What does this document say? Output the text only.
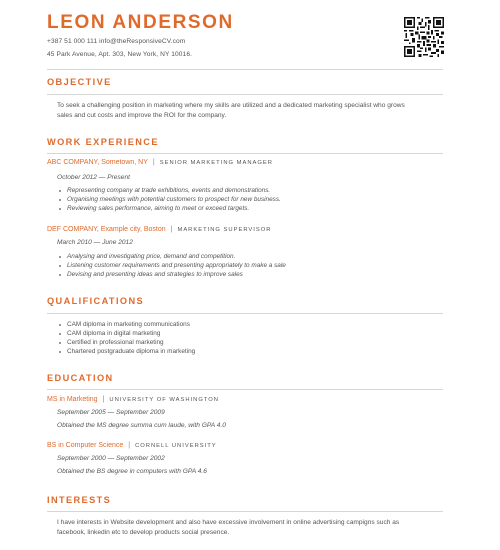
LEON ANDERSON
+387 51 000 111 info@theResponsiveCV.com
45 Park Avenue, Apt. 303, New York, NY 10016.
OBJECTIVE
To seek a challenging position in marketing where my skills are utilized and a dedicated marketing specialist who grows
sales and cut costs and improve the ROI for the company.
WORK EXPERIENCE
ABC COMPANY, Sometown, NY | SENIOR MARKETING MANAGER
October 2012 — Present
Representing company at trade exhibitions, events and demonstrations.
Organising meetings with potential customers to prospect for new business.
Reviewing sales performance, aiming to meet or exceed targets.
DEF COMPANY, Example city, Boston | MARKETING SUPERVISOR
March 2010 — June 2012
Analysing and investigating price, demand and competition.
Listening customer requirements and presenting appropriately to make a sale
Devising and presenting ideas and strategies to improve sales
QUALIFICATIONS
CAM diploma in marketing communications
CAM diploma in digital marketing
Certified in professional marketing
Chartered postgraduate diploma in marketing
EDUCATION
MS in Marketing | UNIVERSITY OF WASHINGTON
September 2005 — September 2009
Obtained the MS degree summa cum laude, with GPA 4.0
BS in Computer Science | CORNELL UNIVERSITY
September 2000 — September 2002
Obtained the BS degree in computers with GPA 4.6
INTERESTS
I have interests in Website development and also have excessive involvement in online advertising campigns such as
facebook, linkedin etc to develop products social presence.
